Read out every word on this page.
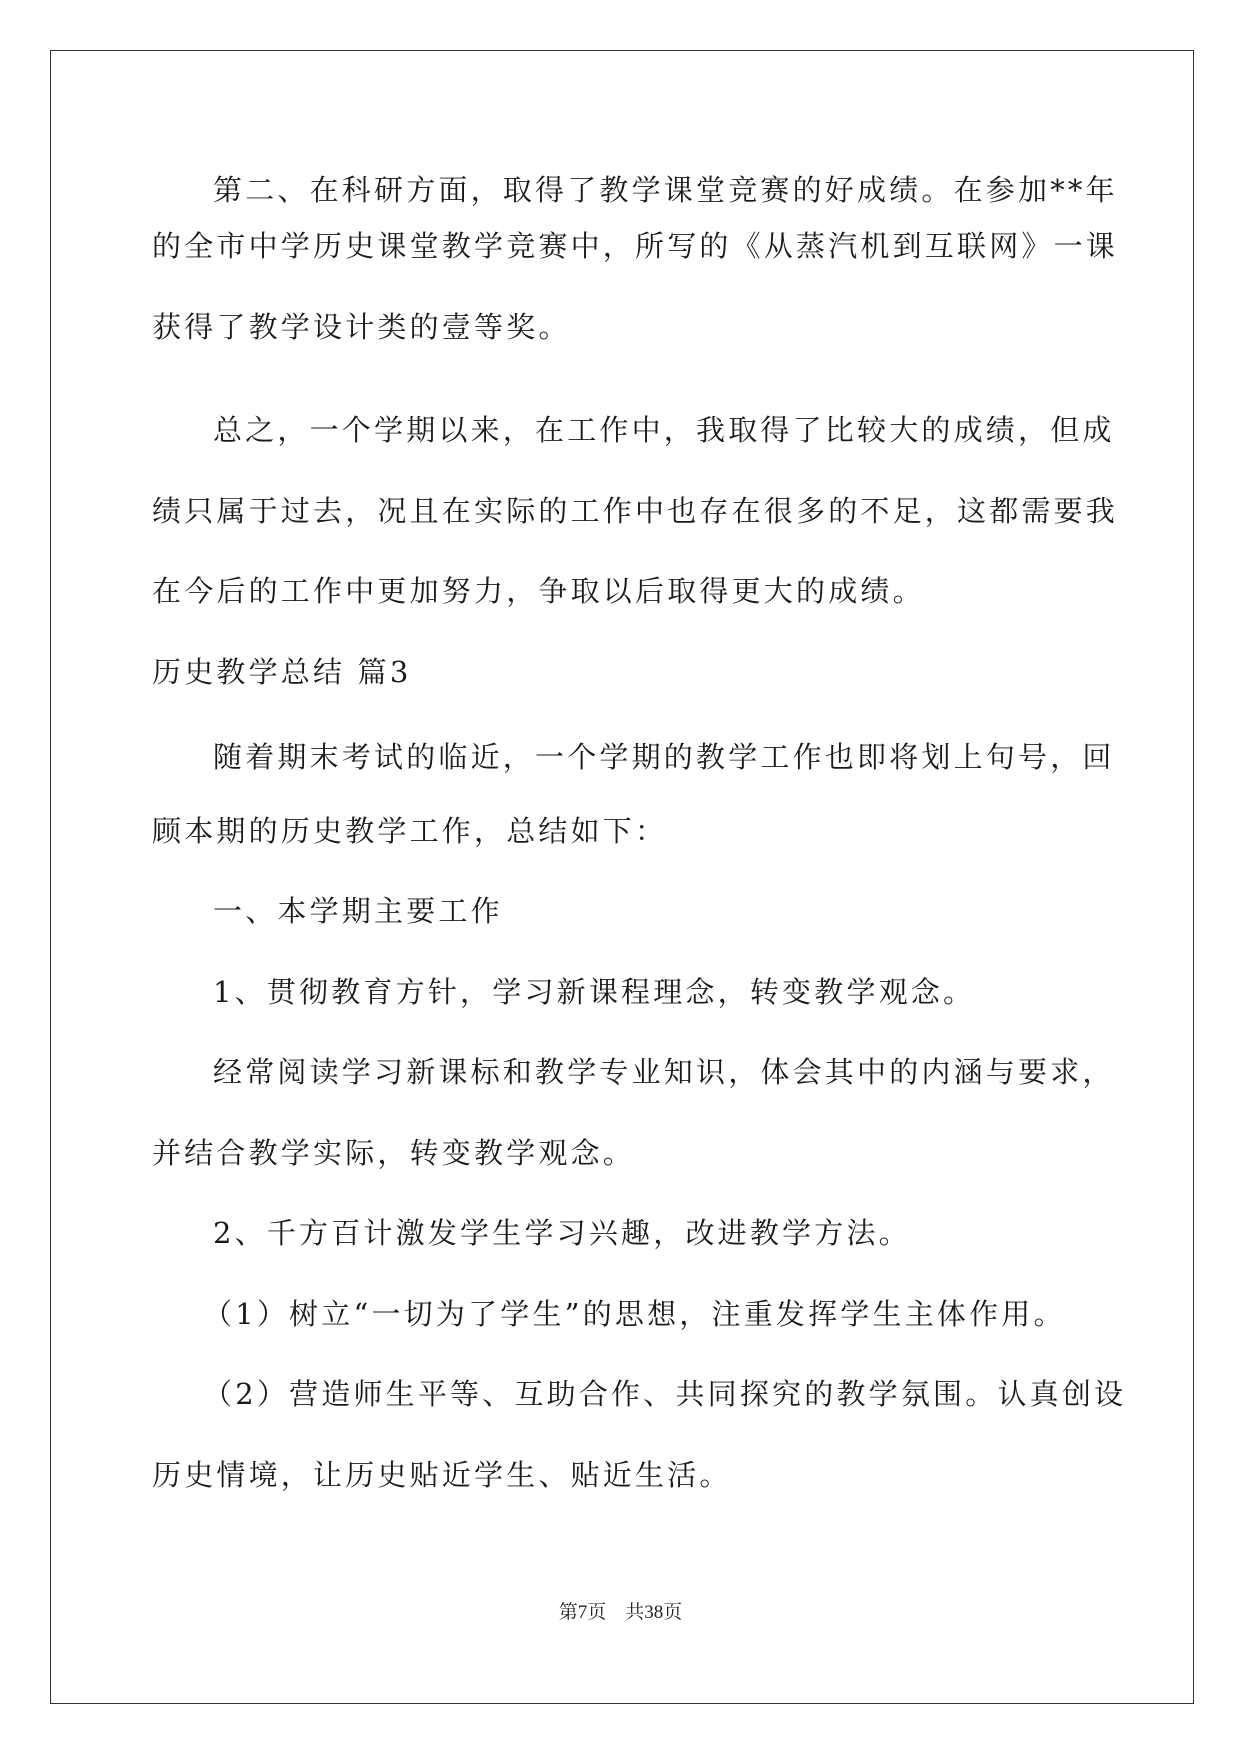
第二、在科研方面，取得了教学课堂竞赛的好成绩。在参加**年
的全市中学历史课堂教学竞赛中，所写的《从蒸汽机到互联网》一课
获得了教学设计类的壹等奖。
总之，一个学期以来，在工作中，我取得了比较大的成绩，但成
绩只属于过去，况且在实际的工作中也存在很多的不足，这都需要我
在今后的工作中更加努力，争取以后取得更大的成绩。
历史教学总结 篇3
随着期末考试的临近，一个学期的教学工作也即将划上句号，回
顾本期的历史教学工作，总结如下：
一、本学期主要工作
1、贯彻教育方针，学习新课程理念，转变教学观念。
经常阅读学习新课标和教学专业知识，体会其中的内涵与要求，
并结合教学实际，转变教学观念。
2、千方百计激发学生学习兴趣，改进教学方法。
（1）树立“一切为了学生”的思想，注重发挥学生主体作用。
（2）营造师生平等、互助合作、共同探究的教学氛围。认真创设
历史情境，让历史贴近学生、贴近生活。
第7页 共38页
